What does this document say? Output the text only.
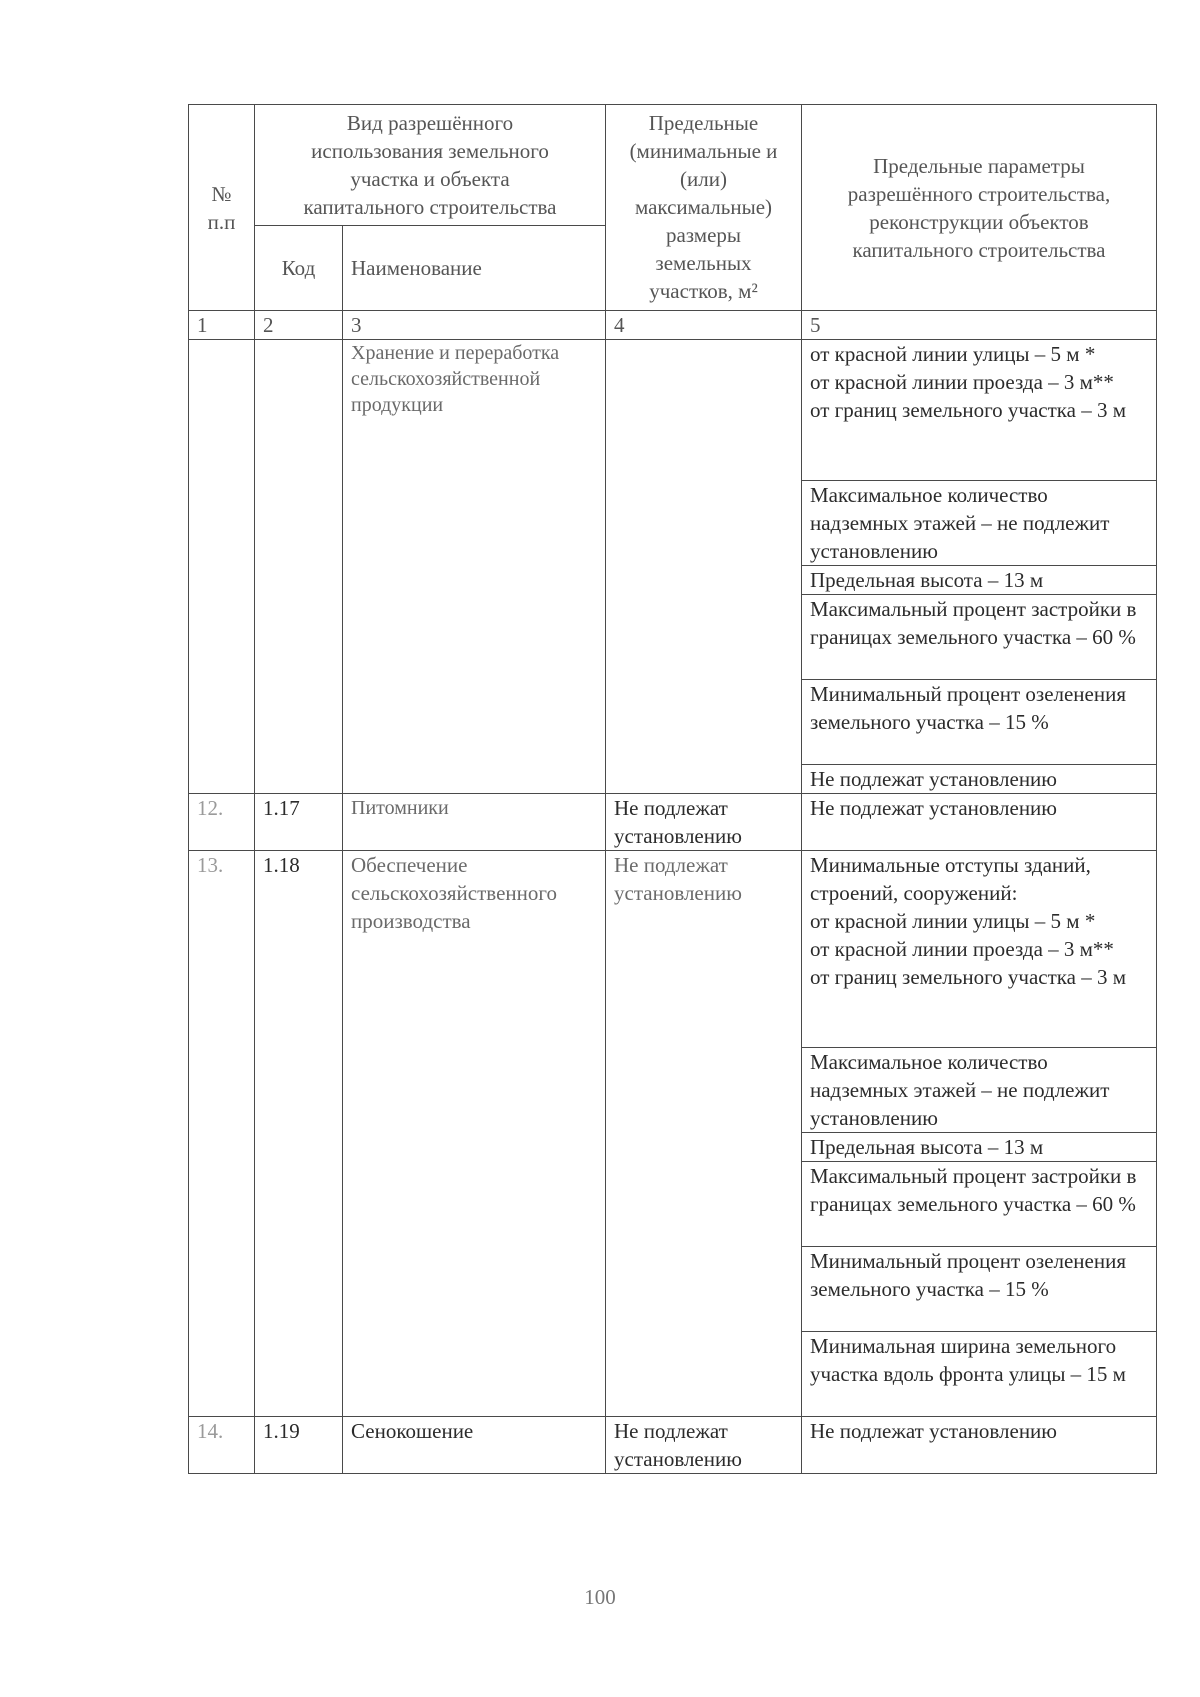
№
п.п	Вид разрешённого использования земельного участка и объекта капитального строительства		Предельные (минимальные и (или) максимальные) размеры земельных участков, м²	Предельные параметры разрешённого строительства, реконструкции объектов капитального строительства
	Код	Наименование		
1	2	3	4	5
		Хранение и переработка сельскохозяйственной продукции		от красной линии улицы – 5 м *
от красной линии проезда – 3 м**
от границ земельного участка – 3 м
				Максимальное количество надземных этажей – не подлежит установлению
				Предельная высота – 13 м
				Максимальный процент застройки в границах земельного участка – 60 %
				Минимальный процент озеленения земельного участка – 15 %
				Не подлежат установлению
12.	1.17	Питомники	Не подлежат установлению	Не подлежат установлению
13.	1.18	Обеспечение сельскохозяйственного производства	Не подлежат установлению	Минимальные отступы зданий, строений, сооружений:
от красной линии улицы – 5 м *
от красной линии проезда – 3 м**
от границ земельного участка – 3 м
				Максимальное количество надземных этажей – не подлежит установлению
				Предельная высота – 13 м
				Максимальный процент застройки в границах земельного участка – 60 %
				Минимальный процент озеленения земельного участка – 15 %
				Минимальная ширина земельного участка вдоль фронта улицы – 15 м
14.	1.19	Сенокошение	Не подлежат установлению	Не подлежат установлению
100
